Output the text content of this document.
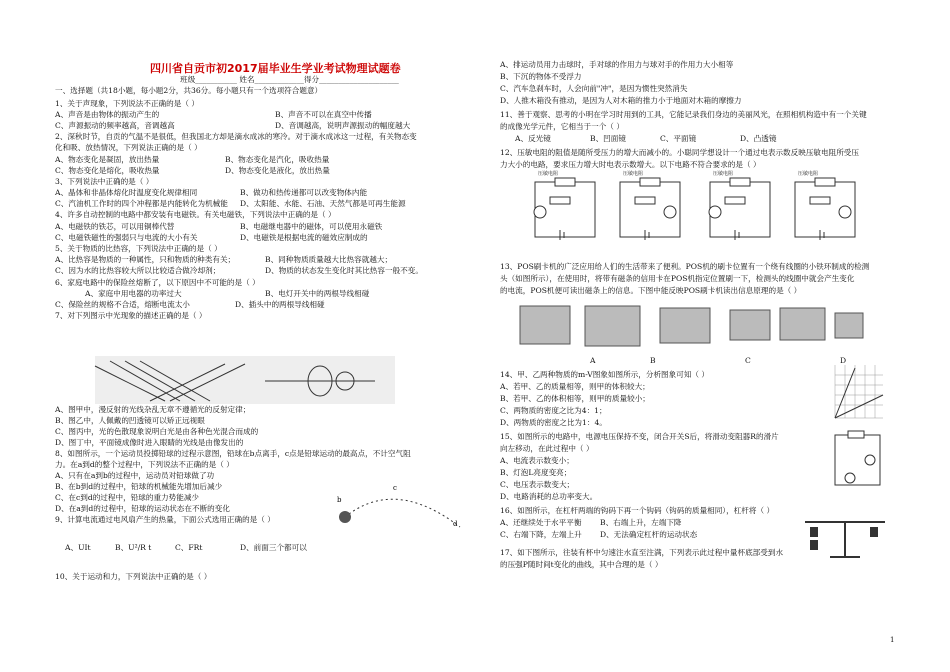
四川省自贡市初2017届毕业生学业考试物理试题卷
班级___________ 姓名_____________得分_____________________
一、选择题（共18小题，每小题2分，共36分。每小题只有一个选项符合题意）
1、关于声现象，下列说法不正确的是（ ）
A、声音是由物体的振动产生的	B、声音不可以在真空中传播
C、声源振动的频率越高，音调越高	D、音调越高，说明声源振动的幅度越大
2、深秋时节，自贡的气温不是很低，但我国北方却是滴水成冰的寒冷。对于滴水成冰这一过程，有关物态变
化和吸、放热情况，下列说法正确的是（ ）
A、物态变化是凝固，放出热量	B、物态变化是汽化，吸收热量
C、物态变化是熔化，吸收热量	D、物态变化是液化，放出热量
3、下列说法中正确的是（ ）
A、晶体和非晶体熔化时温度变化规律相同	B、做功和热传递都可以改变物体内能
C、汽油机工作时的四个冲程都是内能转化为机械能 D、太阳能、水能、石油、天然气都是可再生能源
4、许多自动控制的电路中都安装有电磁铁。有关电磁铁，下列说法中正确的是（ ）
A、电磁铁的铁芯，可以用铜棒代替	B、电磁继电器中的磁体，可以使用永磁铁
C、电磁铁磁性的强弱只与电流的大小有关	D、电磁铁是根据电流的磁效应制成的
5、关于物质的比热容，下列说法中正确的是（ ）
A、比热容是物质的一种属性，只和物质的种类有关；	B、同种物质质量越大比热容就越大；
C、因为水的比热容较大所以比较适合做冷却剂；	D、物质的状态发生变化时其比热容一般不变。
6、家庭电路中的保险丝熔断了，以下原因中不可能的是（ ）
A、家庭中用电器的功率过大	B、电灯开关中的两根导线相碰
C、保险丝的规格不合适，熔断电流太小	D、插头中的两根导线相碰
7、对下列图示中光现象的描述正确的是（ ）
A、图甲中，漫反射的光线杂乱无章不遵循光的反射定律；
B、图乙中，人佩戴的凹透镜可以矫正远视眼
C、图丙中，光的色散现象说明白光是由各种色光混合而成的
D、图丁中，平面镜成像时进入眼睛的光线是由像发出的
8、如图所示，一个运动员投掷铅球的过程示意图，铅球在b点离手，c点是铅球运动的最高点，不计空气阻
力。在a到d的整个过程中，下列说法不正确的是（ ）
A、只有在a到b的过程中，运动员对铅球做了功
B、在b到d的过程中，铅球的机械能先增加后减少
C、在c到d的过程中，铅球的重力势能减少
D、在a到d的过程中，铅球的运动状态在不断的变化
9、计算电流通过电风扇产生的热量，下面公式选用正确的是（ ）
A、UIt	B、U²/R t	C、FRt	D、前面三个都可以
10、关于运动和力，下列说法中正确的是（ ）
A、排运动员用力击球时，手对球的作用力与球对手的作用力大小相等
B、下沉的物体不受浮力
C、汽车急刹车时，人会向前"冲"，是因为惯性突然消失
D、人推木箱没有推动，是因为人对木箱的推力小于地面对木箱的摩擦力
11、善于观察、思考的小明在学习时用到的工具，它能记录我们身边的美丽风光，在照相机构造中有一个关键
的成像光学元件，它相当于一个（ ）
A、反光镜	B、凹面镜	C、平面镜	D、凸透镜
12、压敏电阻的阻值是随所受压力的增大而减小的。小聪同学想设计一个通过电表示数反映压敏电阻所受压
力大小的电路，要求压力增大时电表示数增大。以下电路不符合要求的是（ ）
13、POS刷卡机的广泛应用给人们的生活带来了便利。POS机的刷卡位置有一个绕有线圈的小铁环制成的检测
头（如图所示），在使用时，将带有磁条的信用卡在POS机指定位置刷一下，检测头的线圈中就会产生变化
的电流，POS机便可读出磁条上的信息。下图中能反映POS刷卡机读出信息原理的是（ ）
14、甲、乙两种物质的m-V图象如图所示，分析图象可知（ ）
A、若甲、乙的质量相等，则甲的体积较大；
B、若甲、乙的体积相等，则甲的质量较小；
C、两物质的密度之比为4：1；
D、两物质的密度之比为1：4。
15、如图所示的电路中，电源电压保持不变，闭合开关S后，将滑动变阻器R的滑片
向左移动，在此过程中（ ）
A、电流表示数变小；
B、灯泡L亮度变亮；
C、电压表示数变大；
D、电路消耗的总功率变大。
16、如图所示，在杠杆两端的钩码下再一个钩码（钩码的质量相同），杠杆将（ ）
A、还继续处于水平平衡 B、右端上升，左端下降
C、右端下降，左端上升 D、无法确定杠杆的运动状态
17、如下图所示，往装有杯中匀速注水直至注满，下列表示此过程中量杯底部受到水
的压强P随时间t变化的曲线，其中合理的是（ ）
b
c
d
压敏电阻	压敏电阻	压敏电阻	压敏电阻
A	B	C	D
1
